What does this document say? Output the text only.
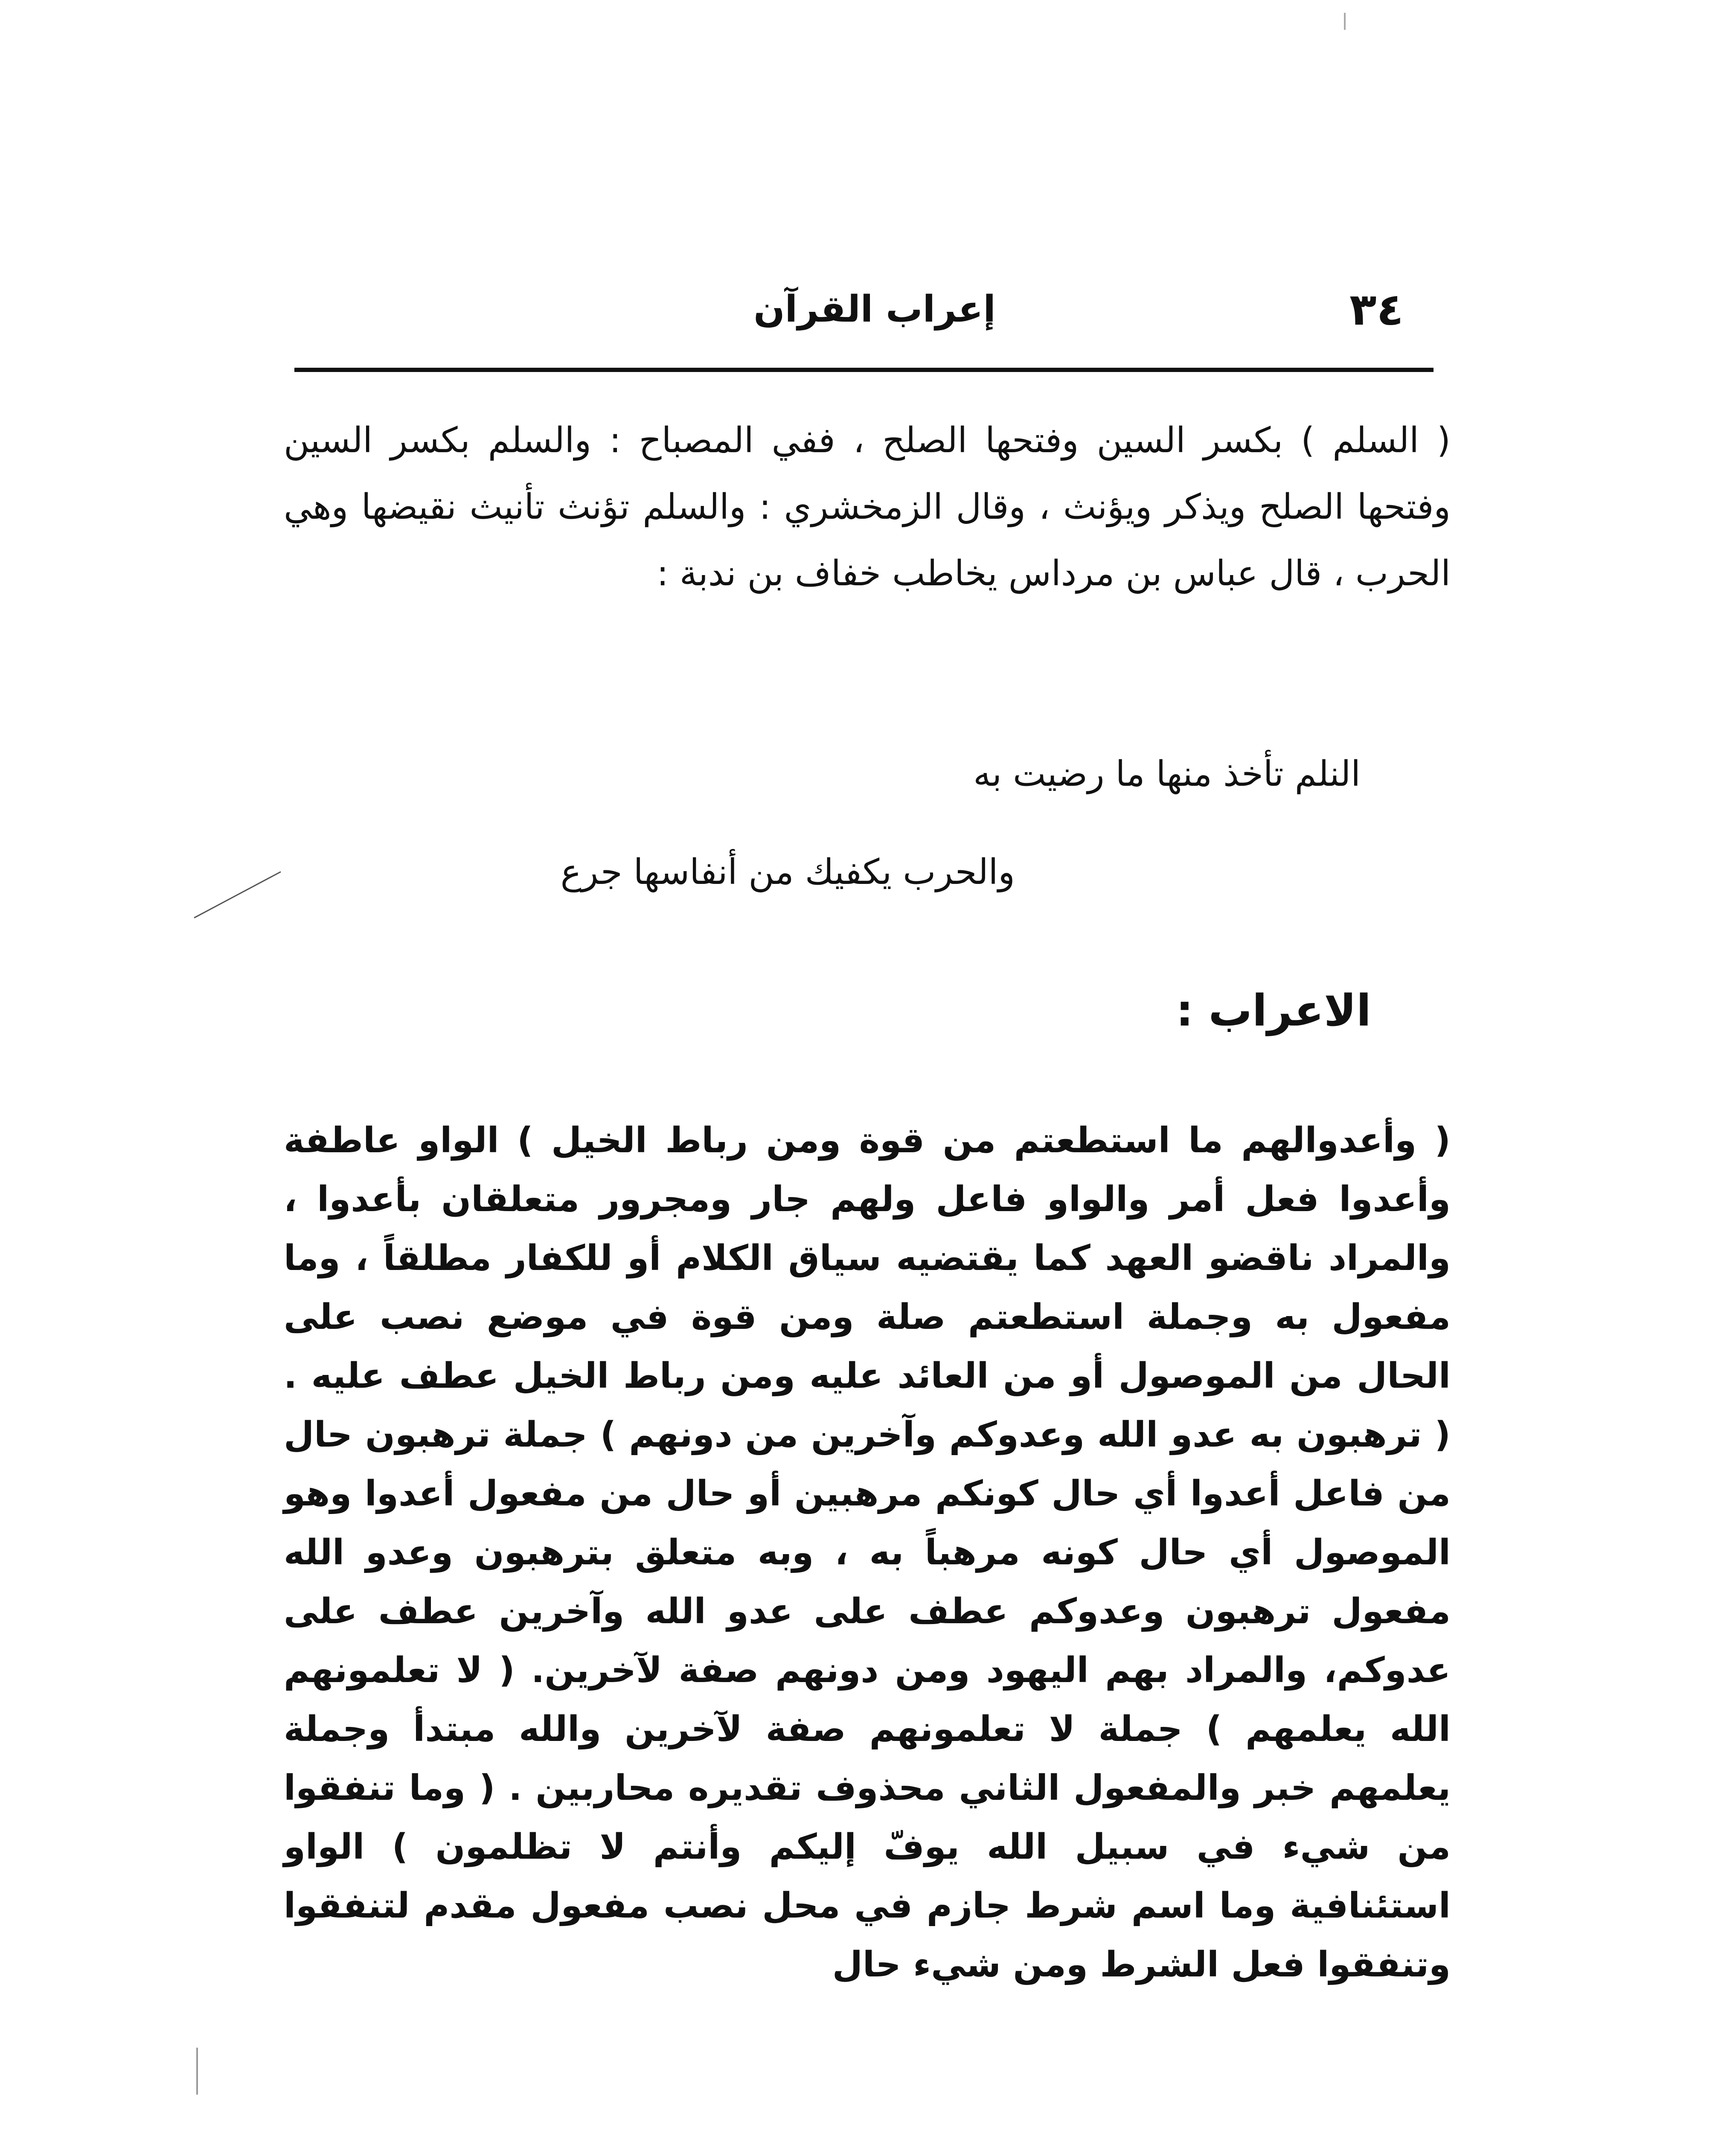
٣٤
إعراب القرآن

( السلم ) بكسر السين وفتحها الصلح ، ففي المصباح : والسلم بكسر السين وفتحها الصلح ويذكر ويؤنث ، وقال الزمخشري : والسلم تؤنث تأنيث نقيضها وهي الحرب ، قال عباس بن مرداس يخاطب خفاف بن ندبة :

النلم تأخذ منها ما رضيت به
والحرب يكفيك من أنفاسها جرع
الاعراب :

( وأعدوالهم ما استطعتم من قوة ومن رباط الخيل ) الواو عاطفة وأعدوا فعل أمر والواو فاعل ولهم جار ومجرور متعلقان بأعدوا ، والمراد ناقضو العهد كما يقتضيه سياق الكلام أو للكفار مطلقاً ، وما مفعول به وجملة استطعتم صلة ومن قوة في موضع نصب على الحال من الموصول أو من العائد عليه ومن رباط الخيل عطف عليه . ( ترهبون به عدو الله وعدوكم وآخرين من دونهم ) جملة ترهبون حال من فاعل أعدوا أي حال كونكم مرهبين أو حال من مفعول أعدوا وهو الموصول أي حال كونه مرهباً به ، وبه متعلق بترهبون وعدو الله مفعول ترهبون وعدوكم عطف على عدو الله وآخرين عطف على عدوكم، والمراد بهم اليهود ومن دونهم صفة لآخرين. ( لا تعلمونهم الله يعلمهم ) جملة لا تعلمونهم صفة لآخرين والله مبتدأ وجملة يعلمهم خبر والمفعول الثاني محذوف تقديره محاربين . ( وما تنفقوا من شيء في سبيل الله يوفّ إليكم وأنتم لا تظلمون ) الواو استئنافية وما اسم شرط جازم في محل نصب مفعول مقدم لتنفقوا وتنفقوا فعل الشرط ومن شيء حال
